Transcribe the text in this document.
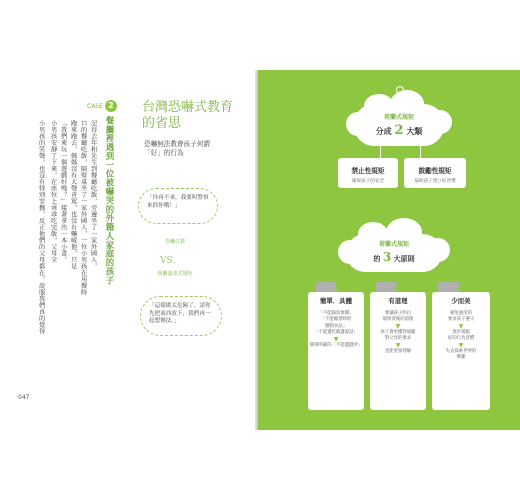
CASE 2
餐廳裡遇到一位被嚇哭的外籍人家庭的孩子
記得去年和先生到餐廳吃飯，旁邊坐了一家外國人，
口的餐廳吃飯，隔壁桌坐了一家外國人，一位小男孩在用餐時
跑來跑去，媽媽沒有大聲責罵，也沒有嚇唬他，只是
「我們來玩一個遊戲好嗎？」接著拿出一本小書。
小男孩安靜了下來，在座位上乖乖吃完飯，父母全
小男孩的笑聲，也沒有特別安撫，反正他們的父母都在，說服我們真的覺得
047
台灣恐嚇式教育的省思
恐嚇無法教會孩子何謂
「好」的行為
「你再不乖，我要叫警察來抓你哦！」
恐嚇式教
VS.
荷蘭溫柔式規矩
「這樣做太危險了，請你先把東西放下，我們再一起想辦法。」
荷蘭式規矩
分成 2 大類
禁止性規矩
確保孩子的安全
鼓勵性規矩
協助孩子建立好習慣
荷蘭式規矩
的 3 大原則
1
簡單．具體
「不能踩印象橋」
「不能睡著時的
激動食品」
「不能邊吃飯邊說話」
▼
簡單明確的「不能邊戲所」
2
有道理
要讓孩子明白
規則背後的道理
▼
孩子會更懂得規範
對父母的要求
▼
也能更加理解
3
少而美
避免過度的
要求孩子遵守
▼
逐步規範
好的行為習慣
▼
失去探索世界的
樂趣
